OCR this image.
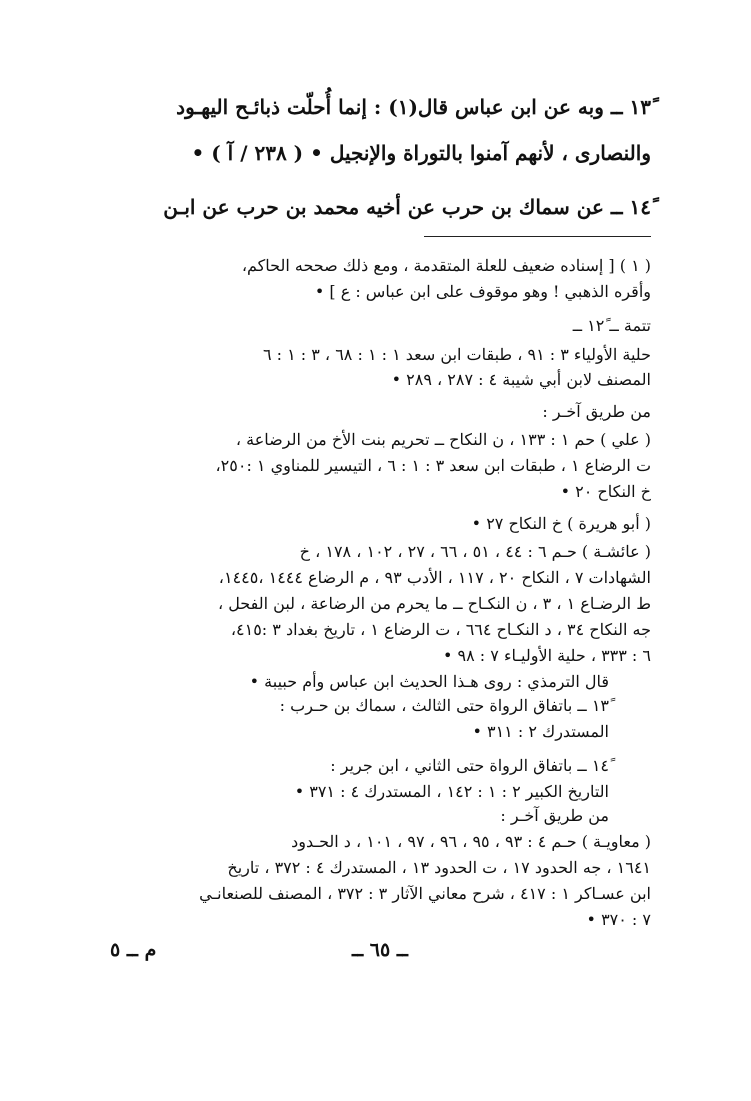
١٣ً ــ وبه عن ابن عباس قال(١) : إنما أُحلّت ذبائـح اليهـود
والنصارى ، لأنهم آمنوا بالتوراة والإنجيل • ( ٢٣٨ / آ ) •
١٤ً ــ عن سماك بن حرب عن أخيه محمد بن حرب عن ابـن
( ١ ) [ إسناده ضعيف للعلة المتقدمة ، ومع ذلك صححه الحاكم،
وأقره الذهبي ! وهو موقوف على ابن عباس : ع ] •
تتمة ــ ١٢ً ــ
حلية الأولياء ٣ : ٩١ ، طبقات ابن سعد ١ : ١ : ٦٨ ، ٣ : ١ : ٦
المصنف لابن أبي شيبة ٤ : ٢٨٧ ، ٢٨٩ •
من طريق آخـر :
( علي ) حم ١ : ١٣٣ ، ن النكاح ــ تحريم بنت الأخ من الرضاعة ،
ت الرضاع ١ ، طبقات ابن سعد ٣ : ١ : ٦ ، التيسير للمناوي ١ :٢٥٠،
خ النكاح ٢٠ •
( أبو هريرة ) خ النكاح ٢٧ •
( عائشـة ) حـم ٦ : ٤٤ ، ٥١ ، ٦٦ ، ٢٧ ، ١٠٢ ، ١٧٨ ، خ
الشهادات ٧ ، النكاح ٢٠ ، ١١٧ ، الأدب ٩٣ ، م الرضاع ١٤٤٤ ،١٤٤٥،
ط الرضـاع ١ ، ٣ ، ن النكـاح ــ ما يحرم من الرضاعة ، لبن الفحل ،
جه النكاح ٣٤ ، د النكـاح ٦٦٤ ، ت الرضاع ١ ، تاريخ بغداد ٣ :٤١٥،
٦ : ٣٣٣ ، حلية الأوليـاء ٧ : ٩٨ •
قال الترمذي : روى هـذا الحديث ابن عباس وأم حبيبة •
١٣ً ــ باتفاق الرواة حتى الثالث ، سماك بن حـرب :
المستدرك ٢ : ٣١١ •
١٤ً ــ باتفاق الرواة حتى الثاني ، ابن جرير :
التاريخ الكبير ٢ : ١ : ١٤٢ ، المستدرك ٤ : ٣٧١ •
من طريق آخـر :
( معاويـة ) حـم ٤ : ٩٣ ، ٩٥ ، ٩٦ ، ٩٧ ، ١٠١ ، د الحـدود
١٦٤١ ، جه الحدود ١٧ ، ت الحدود ١٣ ، المستدرك ٤ : ٣٧٢ ، تاريخ
ابن عسـاكر ١ : ٤١٧ ، شرح معاني الآثار ٣ : ٣٧٢ ، المصنف للصنعانـي
٧ : ٣٧٠ •
ــ ٦٥ ــ
م ــ ٥
